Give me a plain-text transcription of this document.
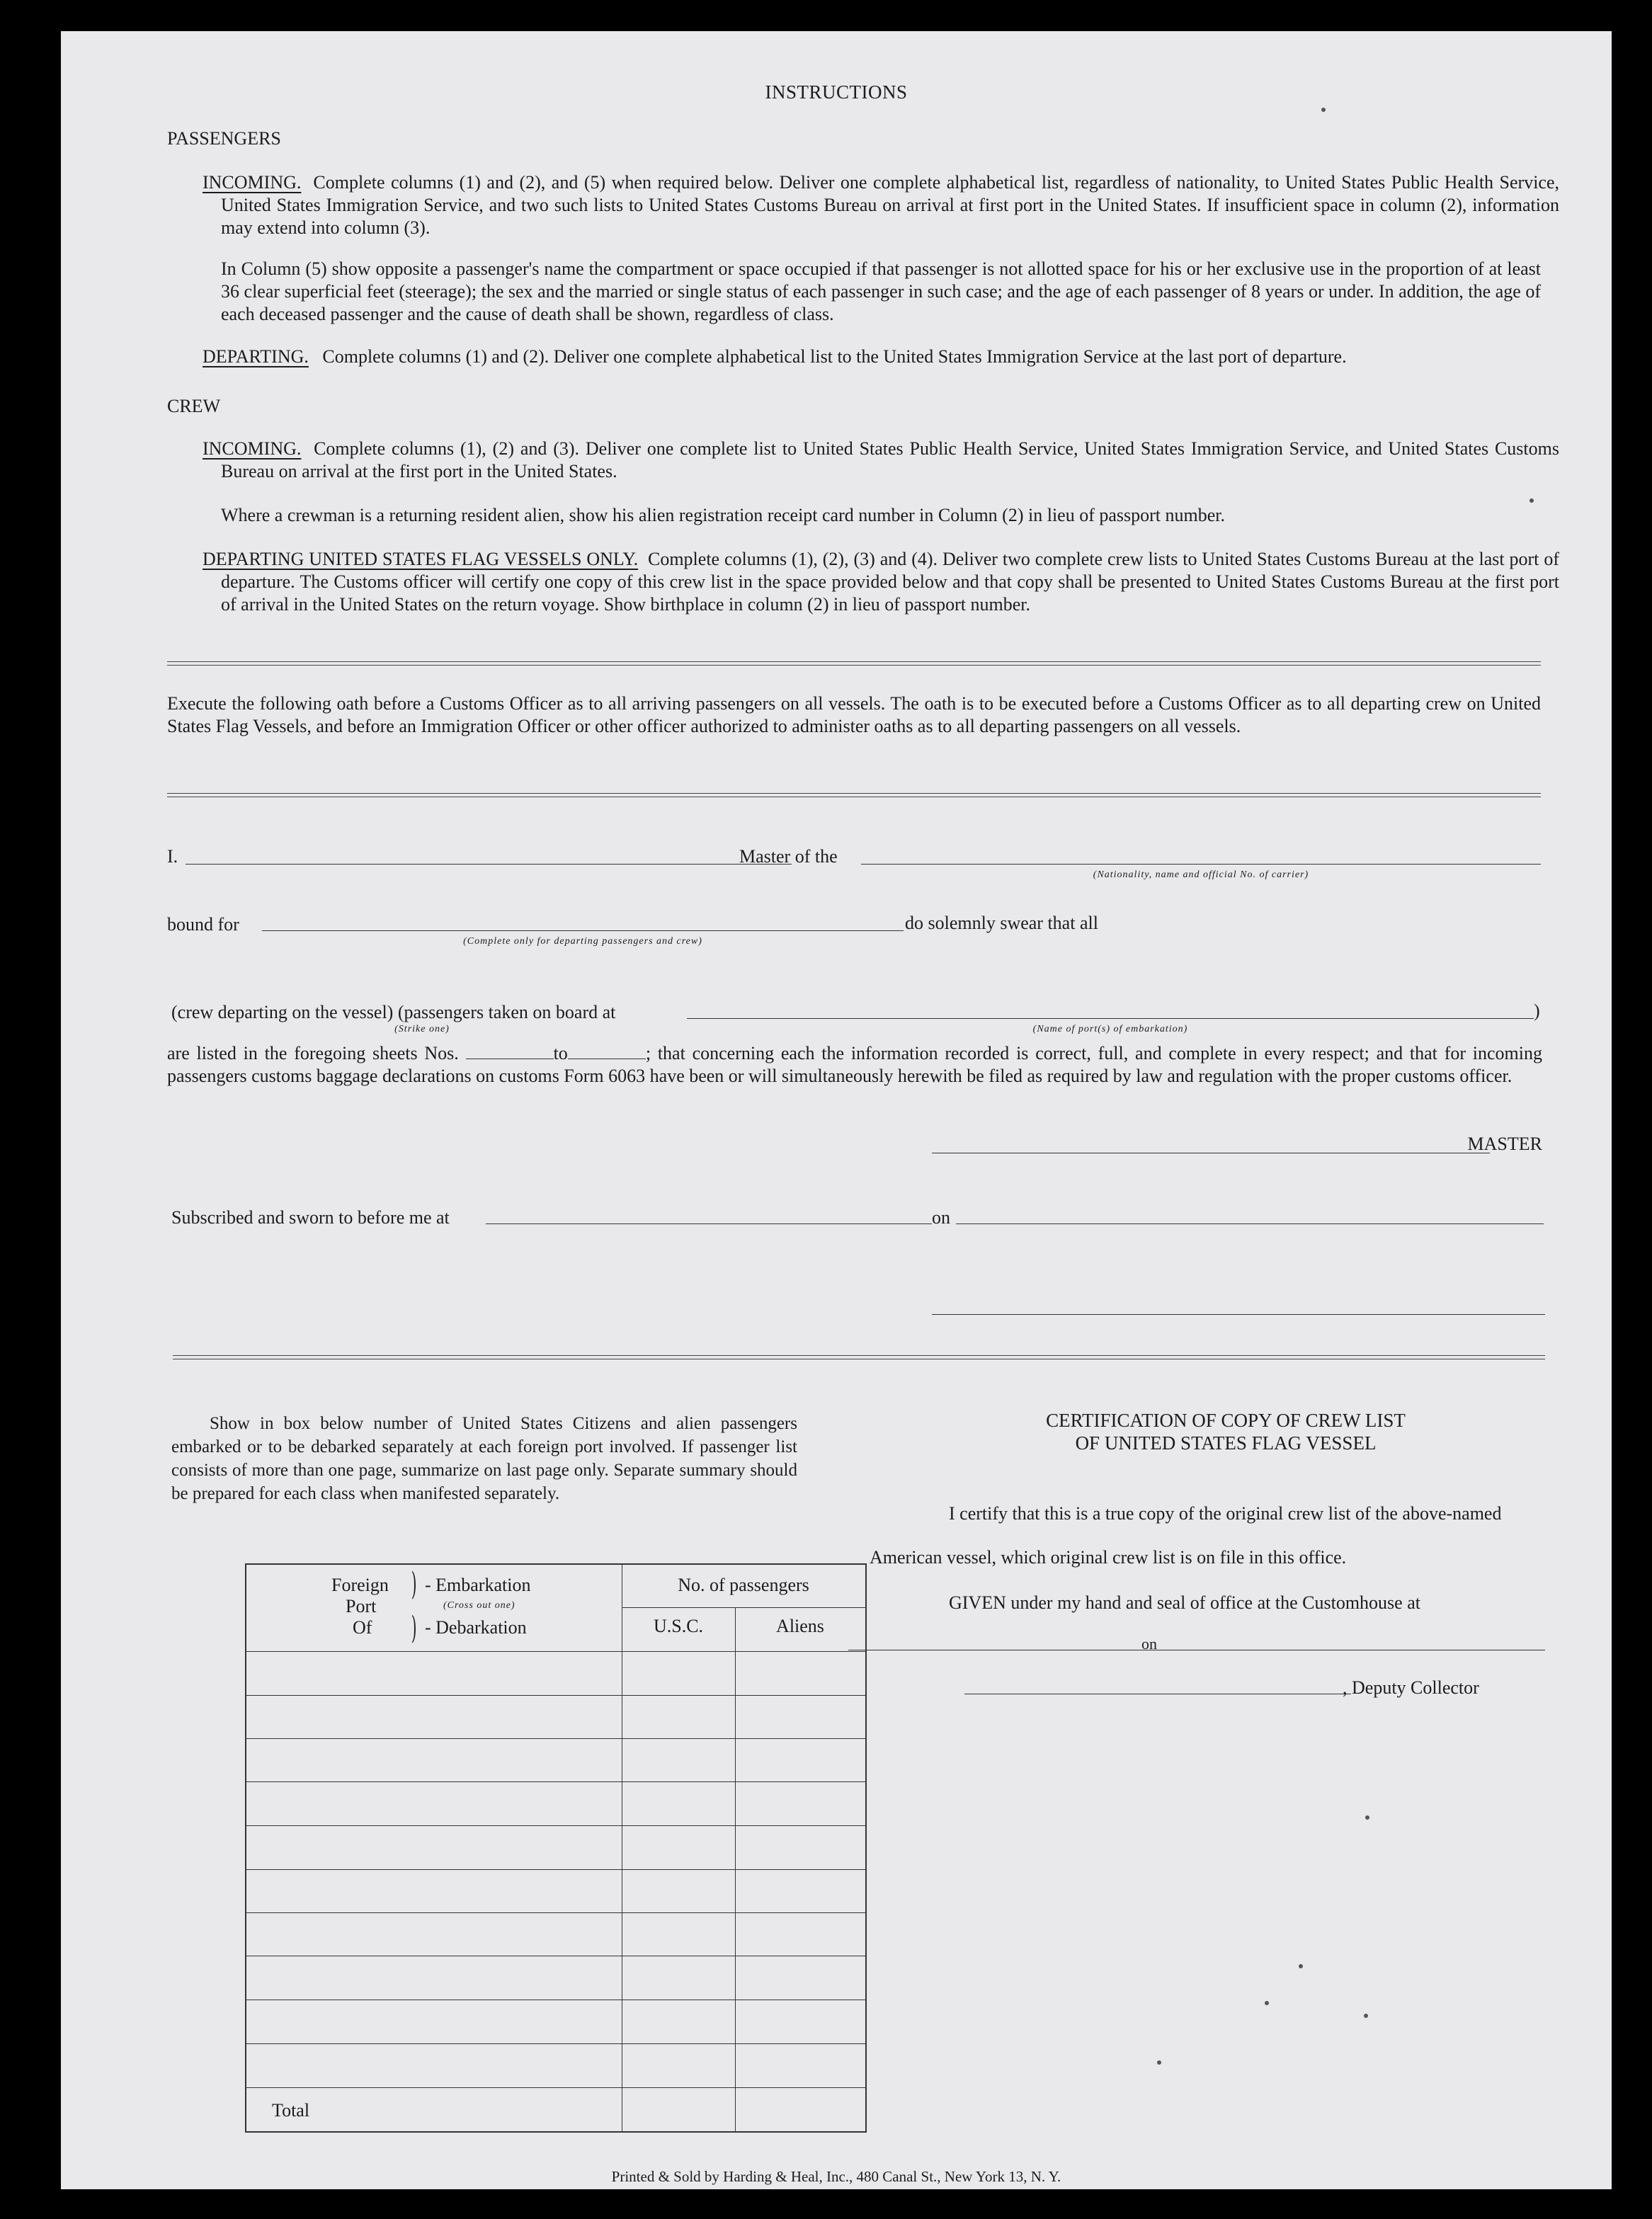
INSTRUCTIONS
PASSENGERS
INCOMING. Complete columns (1) and (2), and (5) when required below. Deliver one complete alphabetical list, regardless of nationality, to United States Public Health Service, United States Immigration Service, and two such lists to United States Customs Bureau on arrival at first port in the United States. If insufficient space in column (2), information may extend into column (3).
In Column (5) show opposite a passenger's name the compartment or space occupied if that passenger is not allotted space for his or her exclusive use in the proportion of at least 36 clear superficial feet (steerage); the sex and the married or single status of each passenger in such case; and the age of each passenger of 8 years or under. In addition, the age of each deceased passenger and the cause of death shall be shown, regardless of class.
DEPARTING. Complete columns (1) and (2). Deliver one complete alphabetical list to the United States Immigration Service at the last port of departure.
CREW
INCOMING. Complete columns (1), (2) and (3). Deliver one complete list to United States Public Health Service, United States Immigration Service, and United States Customs Bureau on arrival at the first port in the United States.
Where a crewman is a returning resident alien, show his alien registration receipt card number in Column (2) in lieu of passport number.
DEPARTING UNITED STATES FLAG VESSELS ONLY. Complete columns (1), (2), (3) and (4). Deliver two complete crew lists to United States Customs Bureau at the last port of departure. The Customs officer will certify one copy of this crew list in the space provided below and that copy shall be presented to United States Customs Bureau at the first port of arrival in the United States on the return voyage. Show birthplace in column (2) in lieu of passport number.
Execute the following oath before a Customs Officer as to all arriving passengers on all vessels. The oath is to be executed before a Customs Officer as to all departing crew on United States Flag Vessels, and before an Immigration Officer or other officer authorized to administer oaths as to all departing passengers on all vessels.
I.	Master of the
(Nationality, name and official No. of carrier)
bound for
(Complete only for departing passengers and crew)
do solemnly swear that all
(crew departing on the vessel) (passengers taken on board at
(Strike one)	(Name of port(s) of embarkation)
)
are listed in the foregoing sheets Nos.	to	; that concerning each the information recorded is correct, full, and complete in every respect; and that for incoming passengers customs baggage declarations on customs Form 6063 have been or will simultaneously herewith be filed as required by law and regulation with the proper customs officer.
MASTER
Subscribed and sworn to before me at	on
Show in box below number of United States Citizens and alien passengers embarked or to be debarked separately at each foreign port involved. If passenger list consists of more than one page, summarize on last page only. Separate summary should be prepared for each class when manifested separately.
Foreign
Port
Of
)
)
- Embarkation
(Cross out one)
- Debarkation
No. of passengers
U.S.C.	Aliens
Total
CERTIFICATION OF COPY OF CREW LIST
OF UNITED STATES FLAG VESSEL
I certify that this is a true copy of the original crew list of the above-named
American vessel, which original crew list is on file in this office.
GIVEN under my hand and seal of office at the Customhouse at
on
, Deputy Collector
Printed & Sold by Harding & Heal, Inc., 480 Canal St., New York 13, N. Y.
